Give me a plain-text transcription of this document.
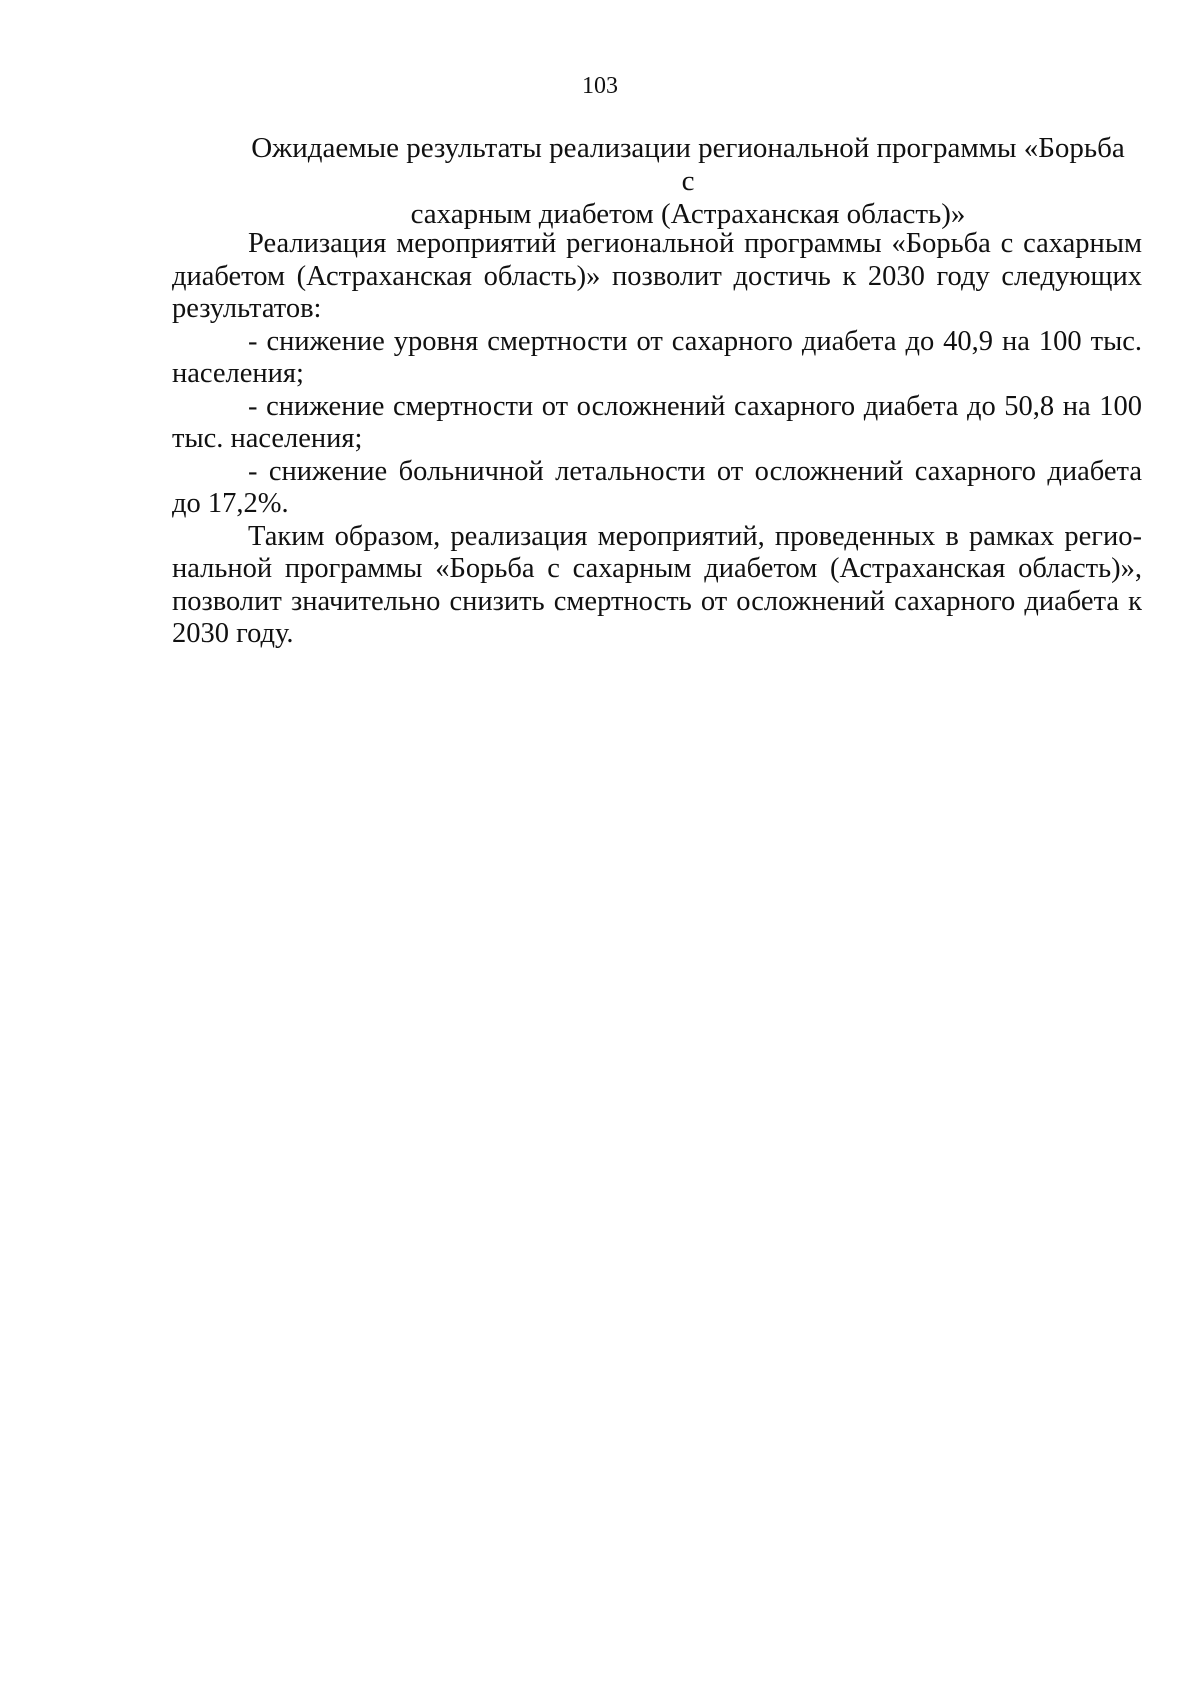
103
Ожидаемые результаты реализации региональной программы «Борьба с
сахарным диабетом (Астраханская область)»

Реализация мероприятий региональной программы «Борьба с сахарным диабетом (Астраханская область)» позволит достичь к 2030 году следующих результатов:

- снижение уровня смертности от сахарного диабета до 40,9 на 100 тыс. населения;

- снижение смертности от осложнений сахарного диабета до 50,8 на 100 тыс. населения;

- снижение больничной летальности от осложнений сахарного диабета до 17,2%.

Таким образом, реализация мероприятий, проведенных в рамках региональной программы «Борьба с сахарным диабетом (Астраханская область)», позволит значительно снизить смертность от осложнений сахарного диабета к 2030 году.
